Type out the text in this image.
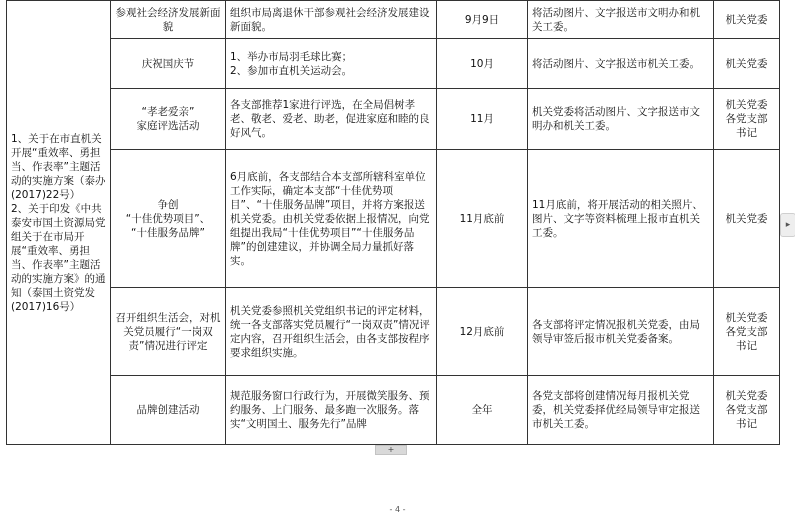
1、关于在市直机关开展“重效率、勇担当、作表率”主题活动的实施方案（泰办(2017)22号）
2、关于印发《中共泰安市国土资源局党组关于在市局开展“重效率、勇担当、作表率”主题活动的实施方案》的通知（泰国土资党发(2017)16号）	参观社会经济发展新面貌	组织市局离退休干部参观社会经济发展建设新面貌。	9月9日	将活动图片、文字报送市文明办和机关工委。	机关党委
	庆祝国庆节	1、举办市局羽毛球比赛；
2、参加市直机关运动会。	10月	将活动图片、文字报送市机关工委。	机关党委
	“孝老爱亲”
家庭评选活动	各支部推荐1家进行评选，在全局倡树孝老、敬老、爱老、助老，促进家庭和睦的良好风气。	11月	机关党委将活动图片、文字报送市文明办和机关工委。	机关党委
各党支部
书记
	争创
“十佳优势项目”、
“十佳服务品牌”	6月底前，各支部结合本支部所辖科室单位工作实际，确定本支部“十佳优势项目”、“十佳服务品牌”项目，并将方案报送机关党委。由机关党委依据上报情况，向党组提出我局“十佳优势项目”“十佳服务品牌”的创建建议，并协调全局力量抓好落实。	11月底前	11月底前，将开展活动的相关照片、图片、文字等资料梳理上报市直机关工委。	机关党委
	召开组织生活会，对机关党员履行“一岗双责”情况进行评定	机关党委参照机关党组织书记的评定材料，统一各支部落实党员履行“一岗双责”情况评定内容，召开组织生活会，由各支部按程序要求组织实施。	12月底前	各支部将评定情况报机关党委，由局领导审签后报市机关党委备案。	机关党委
各党支部
书记
	品牌创建活动	规范服务窗口行政行为，开展微笑服务、预约服务、上门服务、最多跑一次服务。落实“文明国土、服务先行”品牌	全年	各党支部将创建情况每月报机关党委，机关党委择优经局领导审定报送市机关工委。	机关党委
各党支部
书记
+
▸
- 4 -
